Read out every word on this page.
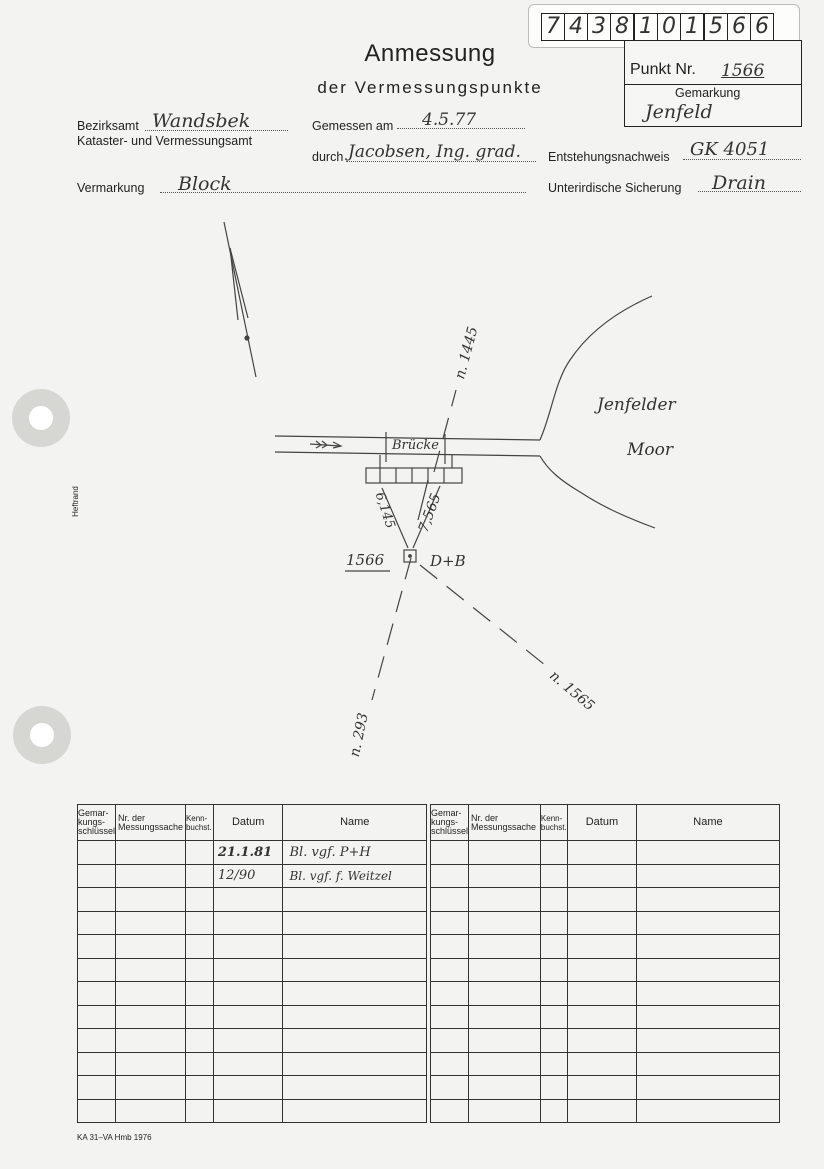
Heftrand
7 4 3 8 1 0 1 5 6 6
Anmessung
der Vermessungspunkte
Punkt Nr. 1566
Gemarkung
Jenfeld
Bezirksamt Wandsbek
Kataster- und Vermessungsamt
Vermarkung Block
Gemessen am 4.5.77
durch Jacobsen, Ing. grad. Entstehungsnachweis GK 4051
Unterirdische Sicherung Drain
Brücke
Jenfelder
Moor
1566	D+B
n. 1445
7,565
6,145
n. 1565
n. 293
Gemar-kungs-schlüssel	Nr. der Messungssache	Kenn-buchst.	Datum	Name
			21.1.81	Bl. vgf. P+H
			12/90	Bl. vgf. f. Weitzel

Gemar-kungs-schlüssel	Nr. der Messungssache	Kenn-buchst.	Datum	Name

KA 31–VA Hmb 1976
